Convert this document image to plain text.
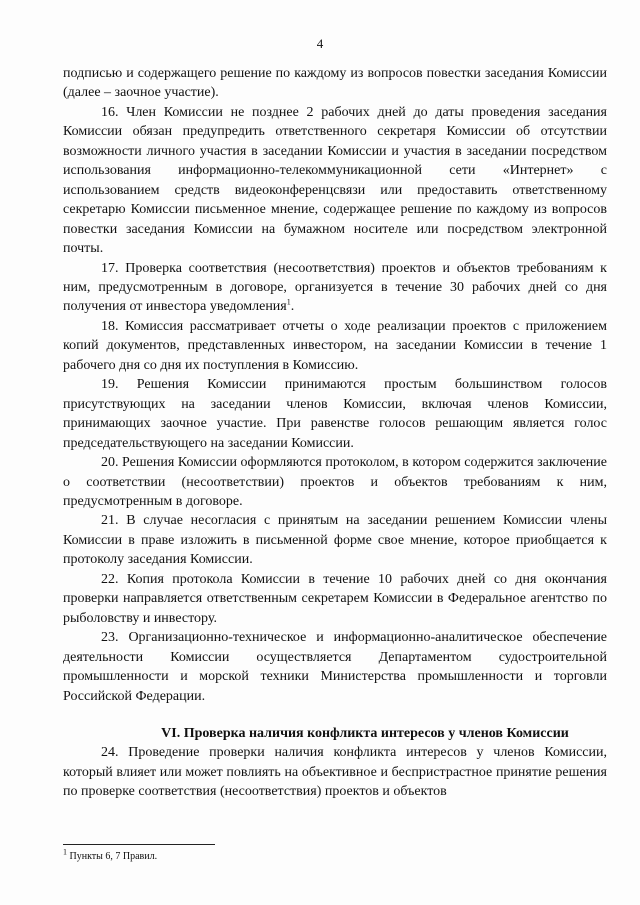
4

подписью и содержащего решение по каждому из вопросов повестки заседания Комиссии (далее – заочное участие).

16. Член Комиссии не позднее 2 рабочих дней до даты проведения заседания Комиссии обязан предупредить ответственного секретаря Комиссии об отсутствии возможности личного участия в заседании Комиссии и участия в заседании посредством использования информационно-телекоммуникационной сети «Интернет» с использованием средств видеоконференцсвязи или предоставить ответственному секретарю Комиссии письменное мнение, содержащее решение по каждому из вопросов повестки заседания Комиссии на бумажном носителе или посредством электронной почты.

17. Проверка соответствия (несоответствия) проектов и объектов требованиям к ним, предусмотренным в договоре, организуется в течение 30 рабочих дней со дня получения от инвестора уведомления$^1$.

18. Комиссия рассматривает отчеты о ходе реализации проектов с приложением копий документов, представленных инвестором, на заседании Комиссии в течение 1 рабочего дня со дня их поступления в Комиссию.

19. Решения Комиссии принимаются простым большинством голосов присутствующих на заседании членов Комиссии, включая членов Комиссии, принимающих заочное участие. При равенстве голосов решающим является голос председательствующего на заседании Комиссии.

20. Решения Комиссии оформляются протоколом, в котором содержится заключение о соответствии (несоответствии) проектов и объектов требованиям к ним, предусмотренным в договоре.

21. В случае несогласия с принятым на заседании решением Комиссии члены Комиссии в праве изложить в письменной форме свое мнение, которое приобщается к протоколу заседания Комиссии.

22. Копия протокола Комиссии в течение 10 рабочих дней со дня окончания проверки направляется ответственным секретарем Комиссии в Федеральное агентство по рыболовству и инвестору.

23. Организационно-техническое и информационно-аналитическое обеспечение деятельности Комиссии осуществляется Департаментом судостроительной промышленности и морской техники Министерства промышленности и торговли Российской Федерации.

VI. Проверка наличия конфликта интересов у членов Комиссии

24. Проведение проверки наличия конфликта интересов у членов Комиссии, который влияет или может повлиять на объективное и беспристрастное принятие решения по проверке соответствия (несоответствия) проектов и объектов

$^1$ Пункты 6, 7 Правил.
